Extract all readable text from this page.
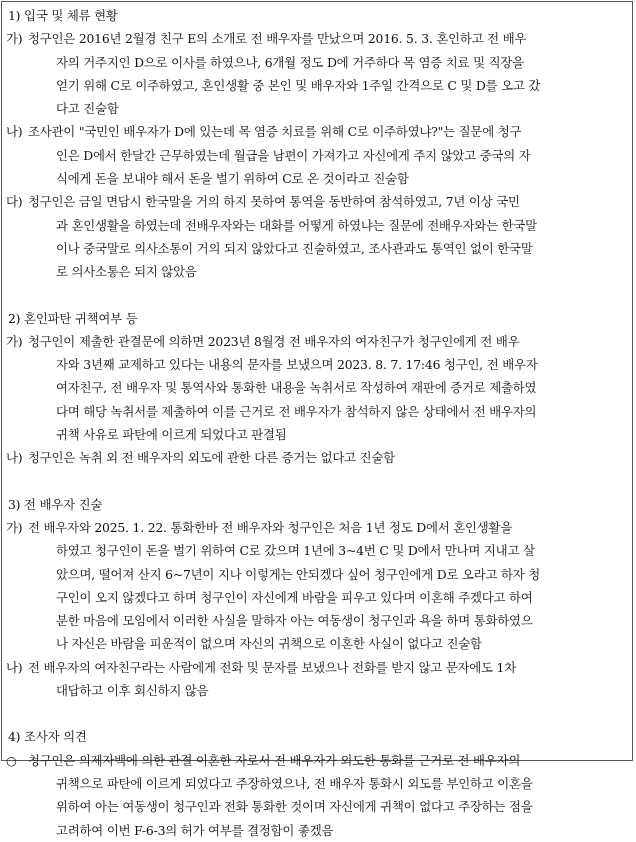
1) 입국 및 체류 현황
가) 청구인은 2016년 2월경 친구 E의 소개로 전 배우자를 만났으며 2016. 5. 3. 혼인하고 전 배우
자의 거주지인 D으로 이사를 하였으나, 6개월 정도 D에 거주하다 목 염증 치료 및 직장을
얻기 위해 C로 이주하였고, 혼인생활 중 본인 및 배우자와 1주일 간격으로 C 및 D를 오고 갔
다고 진술함
나) 조사관이 "국민인 배우자가 D에 있는데 목 염증 치료를 위해 C로 이주하였냐?"는 질문에 청구
인은 D에서 한달간 근무하였는데 월급을 남편이 가져가고 자신에게 주지 않았고 중국의 자
식에게 돈을 보내야 해서 돈을 벌기 위하여 C로 온 것이라고 진술함
다) 청구인은 금일 면담시 한국말을 거의 하지 못하여 통역을 동반하여 참석하였고, 7년 이상 국민
과 혼인생활을 하였는데 전배우자와는 대화를 어떻게 하였냐는 질문에 전배우자와는 한국말
이나 중국말로 의사소통이 거의 되지 않았다고 진술하였고, 조사관과도 통역인 없이 한국말
로 의사소통은 되지 않았음
2) 혼인파탄 귀책여부 등
가) 청구인이 제출한 관결문에 의하면 2023년 8월경 전 배우자의 여자친구가 청구인에게 전 배우
자와 3년째 교제하고 있다는 내용의 문자를 보냈으며 2023. 8. 7. 17:46 청구인, 전 배우자
여자친구, 전 배우자 및 통역사와 통화한 내용을 녹취서로 작성하여 재판에 증거로 제출하였
다며 해당 녹취서를 제출하여 이를 근거로 전 배우자가 참석하지 않은 상태에서 전 배우자의
귀책 사유로 파탄에 이르게 되었다고 판결됨
나) 청구인은 녹취 외 전 배우자의 외도에 관한 다른 증거는 없다고 진술함
3) 전 배우자 진술
가) 전 배우자와 2025. 1. 22. 통화한바 전 배우자와 청구인은 처음 1년 정도 D에서 혼인생활을
하였고 청구인이 돈을 벌기 위하여 C로 갔으며 1년에 3~4번 C 및 D에서 만나며 지내고 살
았으며, 떨어져 산지 6~7년이 지나 이렇게는 안되겠다 싶어 청구인에게 D로 오라고 하자 청
구인이 오지 않겠다고 하며 청구인이 자신에게 바람을 피우고 있다며 이혼해 주겠다고 하여
분한 마음에 모임에서 이러한 사실을 말하자 아는 여동생이 청구인과 욕을 하며 통화하였으
나 자신은 바람을 피운적이 없으며 자신의 귀책으로 이혼한 사실이 없다고 진술함
나) 전 배우자의 여자친구라는 사람에게 전화 및 문자를 보냈으나 전화를 받지 않고 문자에도 1차
대답하고 이후 회신하지 않음
4) 조사자 의견
○ 청구인은 의제자백에 의한 관결 이혼한 자로서 전 배우자가 외도한 통화를 근거로 전 배우자의
귀책으로 파탄에 이르게 되었다고 주장하였으나, 전 배우자 통화시 외도를 부인하고 이혼을
위하여 아는 여동생이 청구인과 전화 통화한 것이며 자신에게 귀책이 없다고 주장하는 점을
고려하여 이번 F-6-3의 허가 여부를 결정함이 좋겠음
